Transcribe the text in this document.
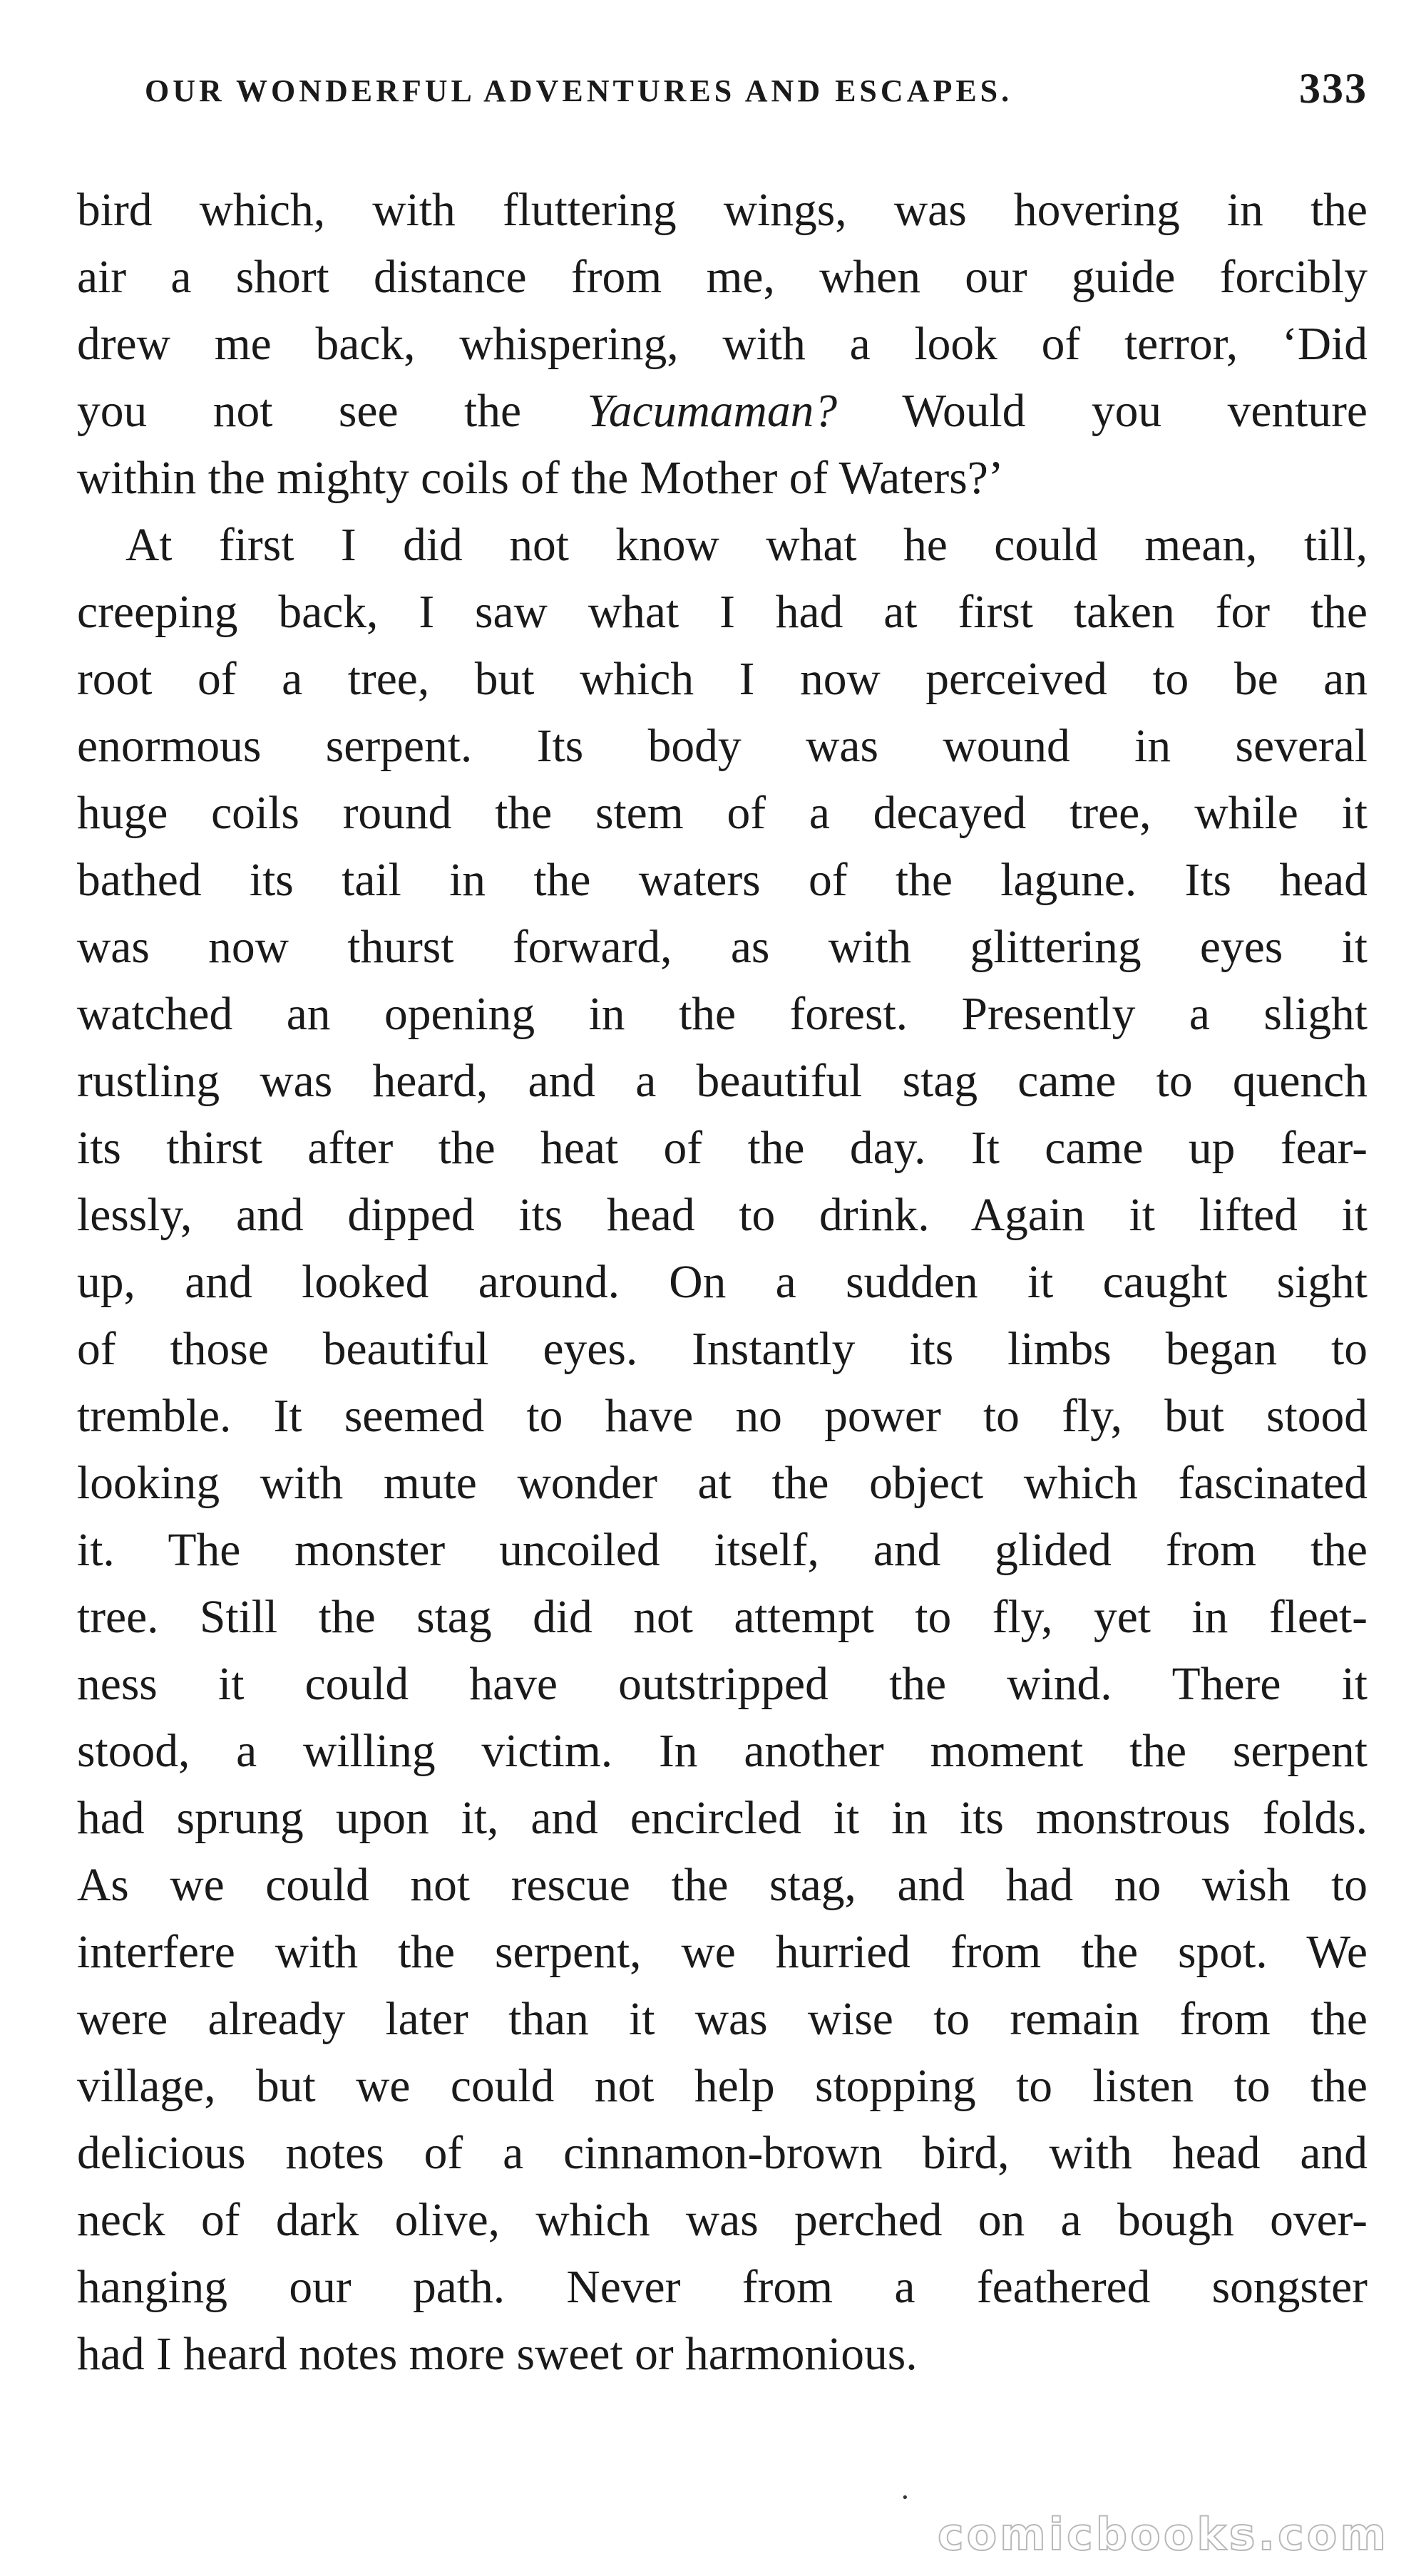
OUR WONDERFUL ADVENTURES AND ESCAPES.	333
bird which, with fluttering wings, was hovering in the
air a short distance from me, when our guide forcibly
drew me back, whispering, with a look of terror, ‘Did
you not see the Yacumaman? Would you venture
within the mighty coils of the Mother of Waters?’
At first I did not know what he could mean, till,
creeping back, I saw what I had at first taken for the
root of a tree, but which I now perceived to be an
enormous serpent. Its body was wound in several
huge coils round the stem of a decayed tree, while it
bathed its tail in the waters of the lagune. Its head
was now thurst forward, as with glittering eyes it
watched an opening in the forest. Presently a slight
rustling was heard, and a beautiful stag came to quench
its thirst after the heat of the day. It came up fear-
lessly, and dipped its head to drink. Again it lifted it
up, and looked around. On a sudden it caught sight
of those beautiful eyes. Instantly its limbs began to
tremble. It seemed to have no power to fly, but stood
looking with mute wonder at the object which fascinated
it. The monster uncoiled itself, and glided from the
tree. Still the stag did not attempt to fly, yet in fleet-
ness it could have outstripped the wind. There it
stood, a willing victim. In another moment the serpent
had sprung upon it, and encircled it in its monstrous folds.
As we could not rescue the stag, and had no wish to
interfere with the serpent, we hurried from the spot. We
were already later than it was wise to remain from the
village, but we could not help stopping to listen to the
delicious notes of a cinnamon-brown bird, with head and
neck of dark olive, which was perched on a bough over-
hanging our path. Never from a feathered songster
had I heard notes more sweet or harmonious.
·
comicbooks.com
